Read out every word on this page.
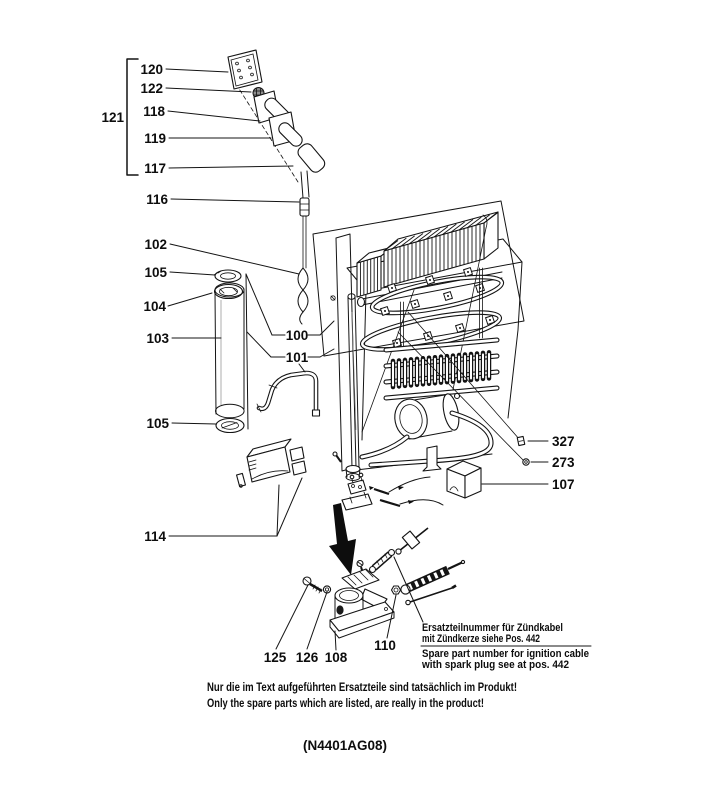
120
122
118
119
117
116
121
102
105
104
103
105
100
101
327
273
107
114
125 126 108
110
Ersatzteilnummer für Zündkabel
mit Zündkerze siehe Pos. 442
Spare part number for ignition cable
with spark plug see at pos. 442
Nur die im Text aufgeführten Ersatzteile sind tatsächlich im Produkt!
Only the spare parts which are listed, are really in the product!
(N4401AG08)
